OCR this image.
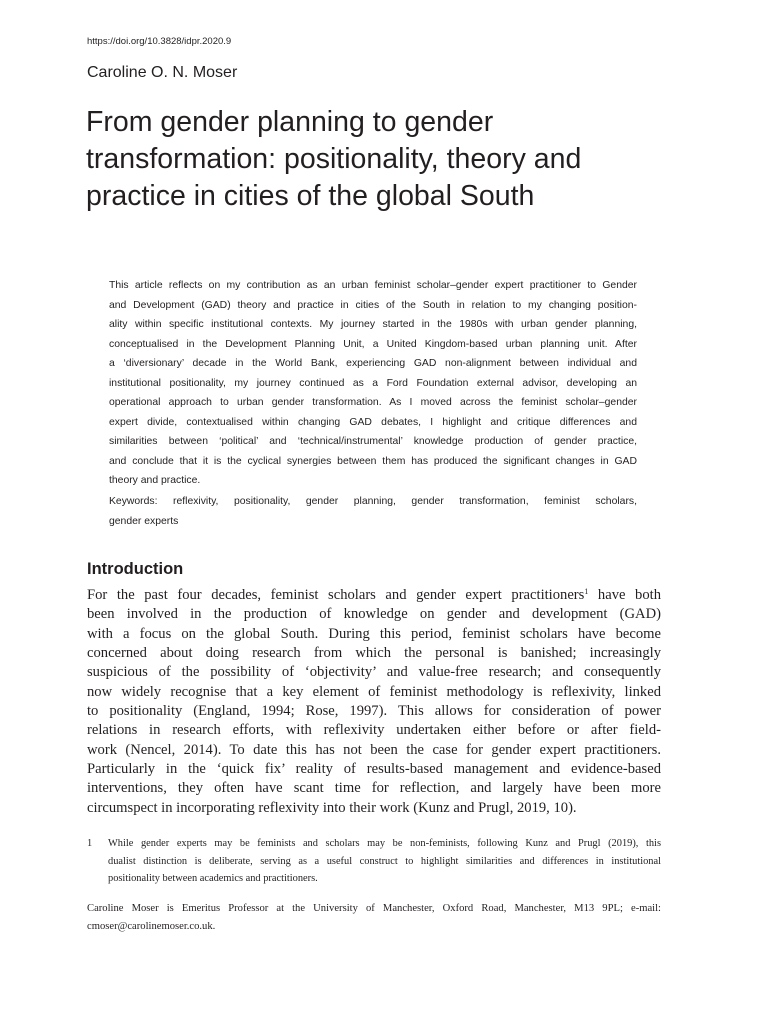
https://doi.org/10.3828/idpr.2020.9
Caroline O. N. Moser
From gender planning to gender
transformation: positionality, theory and
practice in cities of the global South
This article reflects on my contribution as an urban feminist scholar–gender expert practitioner to Gender
and Development (GAD) theory and practice in cities of the South in relation to my changing position-
ality within specific institutional contexts. My journey started in the 1980s with urban gender planning,
conceptualised in the Development Planning Unit, a United Kingdom-based urban planning unit. After
a ‘diversionary’ decade in the World Bank, experiencing GAD non-alignment between individual and
institutional positionality, my journey continued as a Ford Foundation external advisor, developing an
operational approach to urban gender transformation. As I moved across the feminist scholar–gender
expert divide, contextualised within changing GAD debates, I highlight and critique differences and
similarities between ‘political’ and ‘technical/instrumental’ knowledge production of gender practice,
and conclude that it is the cyclical synergies between them has produced the significant changes in GAD
theory and practice.
Keywords: reflexivity, positionality, gender planning, gender transformation, feminist scholars,
gender experts
Introduction
For the past four decades, feminist scholars and gender expert practitioners$^1$ have both
been involved in the production of knowledge on gender and development (GAD)
with a focus on the global South. During this period, feminist scholars have become
concerned about doing research from which the personal is banished; increasingly
suspicious of the possibility of ‘objectivity’ and value-free research; and consequently
now widely recognise that a key element of feminist methodology is reflexivity, linked
to positionality (England, 1994; Rose, 1997). This allows for consideration of power
relations in research efforts, with reflexivity undertaken either before or after field-
work (Nencel, 2014). To date this has not been the case for gender expert practitioners.
Particularly in the ‘quick fix’ reality of results-based management and evidence-based
interventions, they often have scant time for reflection, and largely have been more
circumspect in incorporating reflexivity into their work (Kunz and Prugl, 2019, 10).
1 While gender experts may be feminists and scholars may be non-feminists, following Kunz and Prugl (2019), this
dualist distinction is deliberate, serving as a useful construct to highlight similarities and differences in institutional
positionality between academics and practitioners.
Caroline Moser is Emeritus Professor at the University of Manchester, Oxford Road, Manchester, M13 9PL; e-mail:
cmoser@carolinemoser.co.uk.
